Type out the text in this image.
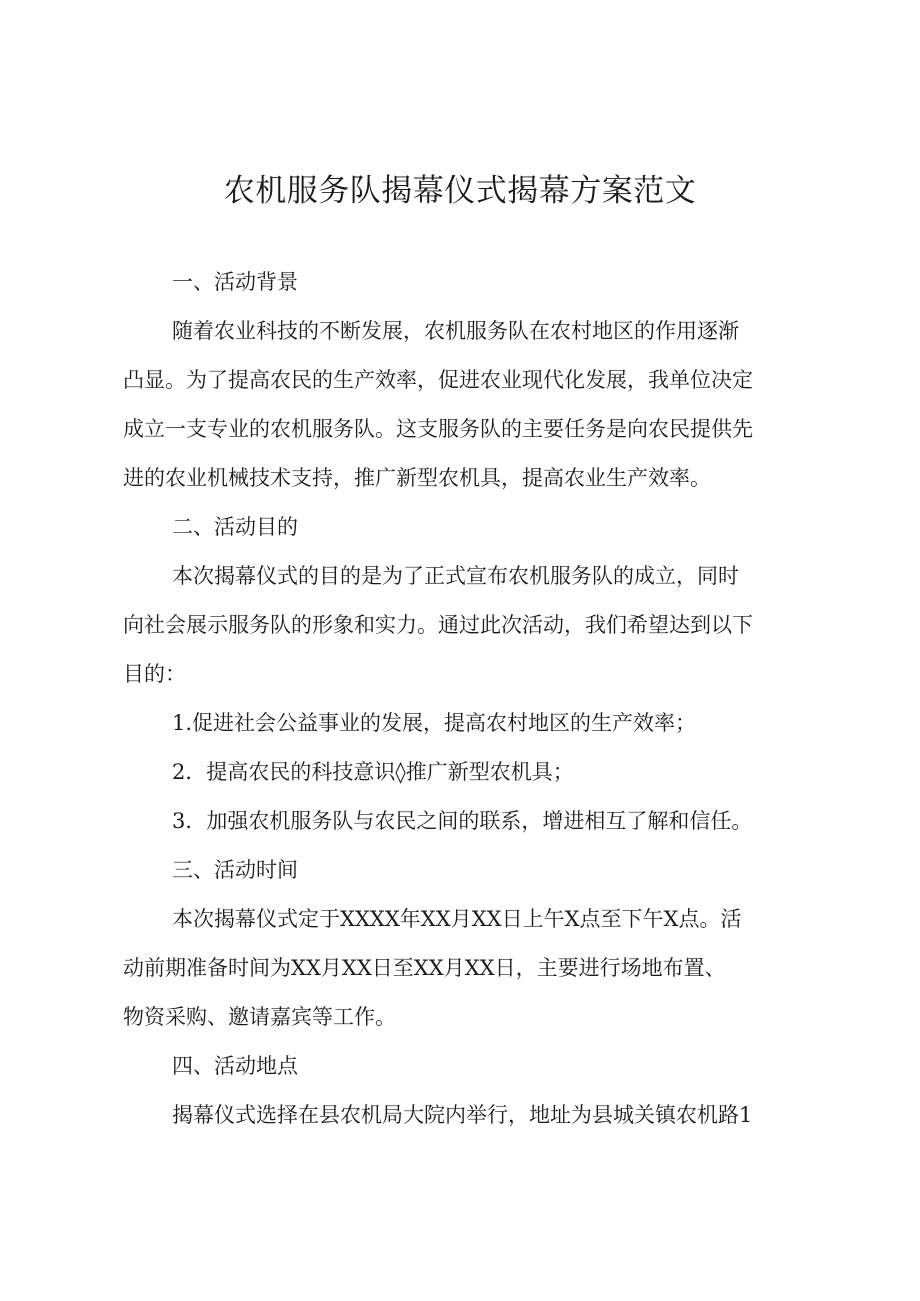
农机服务队揭幕仪式揭幕方案范文

一、活动背景

随着农业科技的不断发展，农机服务队在农村地区的作用逐渐

凸显。为了提高农民的生产效率，促进农业现代化发展，我单位决定

成立一支专业的农机服务队。这支服务队的主要任务是向农民提供先

进的农业机械技术支持，推广新型农机具，提高农业生产效率。

二、活动目的

本次揭幕仪式的目的是为了正式宣布农机服务队的成立，同时

向社会展示服务队的形象和实力。通过此次活动，我们希望达到以下

目的：

1.促进社会公益事业的发展，提高农村地区的生产效率；

2．提高农民的科技意识◊推广新型农机具；

3．加强农机服务队与农民之间的联系，增进相互了解和信任。

三、活动时间

本次揭幕仪式定于XXXX年XX月XX日上午X点至下午X点。活

动前期准备时间为XX月XX日至XX月XX日，主要进行场地布置、

物资采购、邀请嘉宾等工作。

四、活动地点

揭幕仪式选择在县农机局大院内举行，地址为县城关镇农机路1
